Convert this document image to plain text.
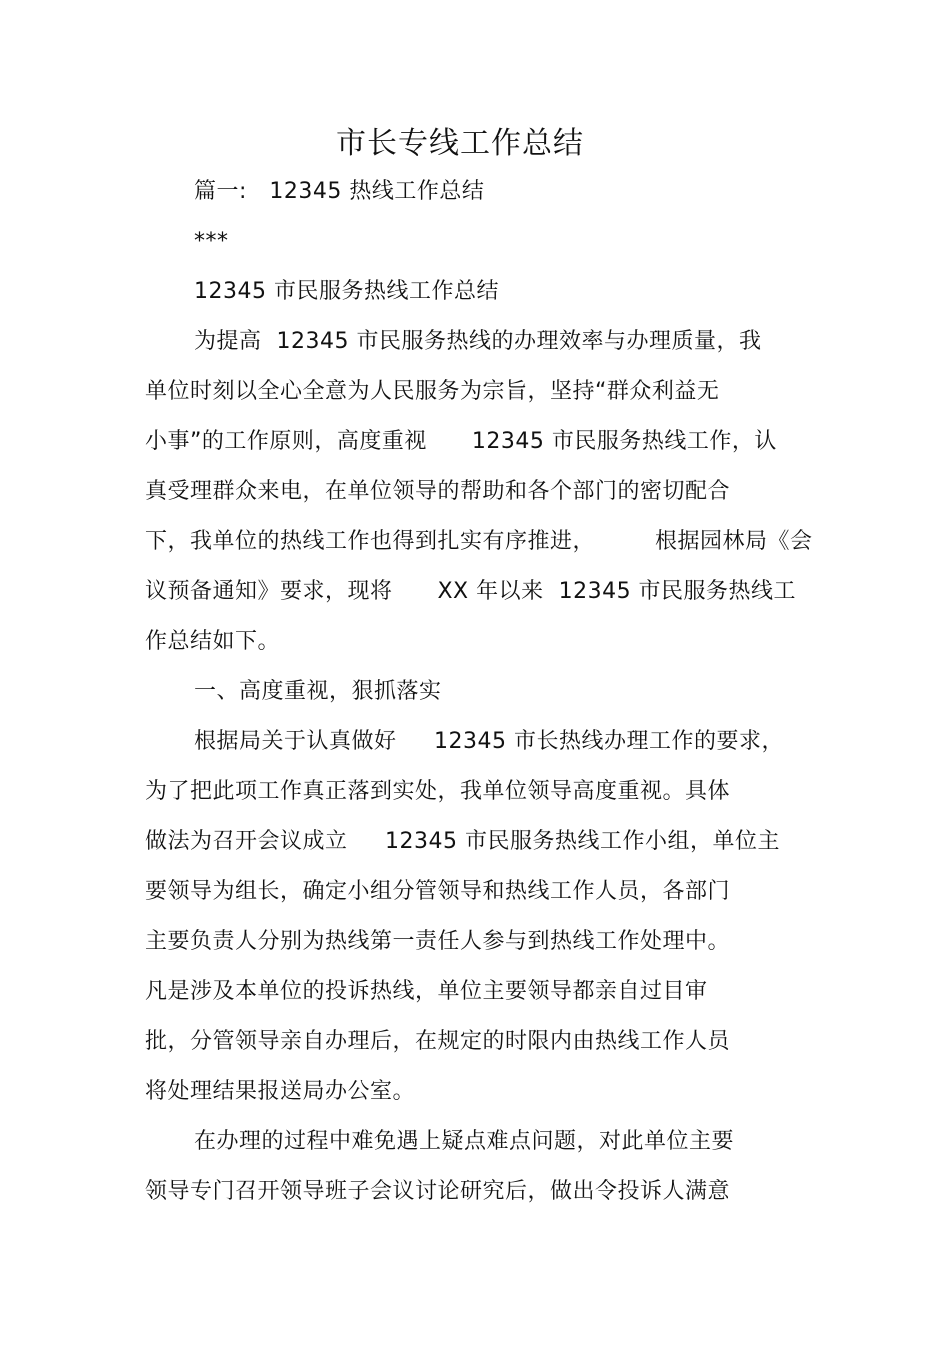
市长专线工作总结
篇一:   12345 热线工作总结
***
12345 市民服务热线工作总结
为提高  12345 市民服务热线的办理效率与办理质量，我
单位时刻以全心全意为人民服务为宗旨，坚持“群众利益无
小事”的工作原则，高度重视      12345 市民服务热线工作，认
真受理群众来电，在单位领导的帮助和各个部门的密切配合
下，我单位的热线工作也得到扎实有序推进，        根据园林局《会
议预备通知》要求，现将      XX 年以来  12345 市民服务热线工
作总结如下。
一、高度重视，狠抓落实
根据局关于认真做好     12345 市长热线办理工作的要求，
为了把此项工作真正落到实处，我单位领导高度重视。具体
做法为召开会议成立     12345 市民服务热线工作小组，单位主
要领导为组长，确定小组分管领导和热线工作人员，各部门
主要负责人分别为热线第一责任人参与到热线工作处理中。
凡是涉及本单位的投诉热线，单位主要领导都亲自过目审
批，分管领导亲自办理后，在规定的时限内由热线工作人员
将处理结果报送局办公室。
在办理的过程中难免遇上疑点难点问题，对此单位主要
领导专门召开领导班子会议讨论研究后，做出令投诉人满意
